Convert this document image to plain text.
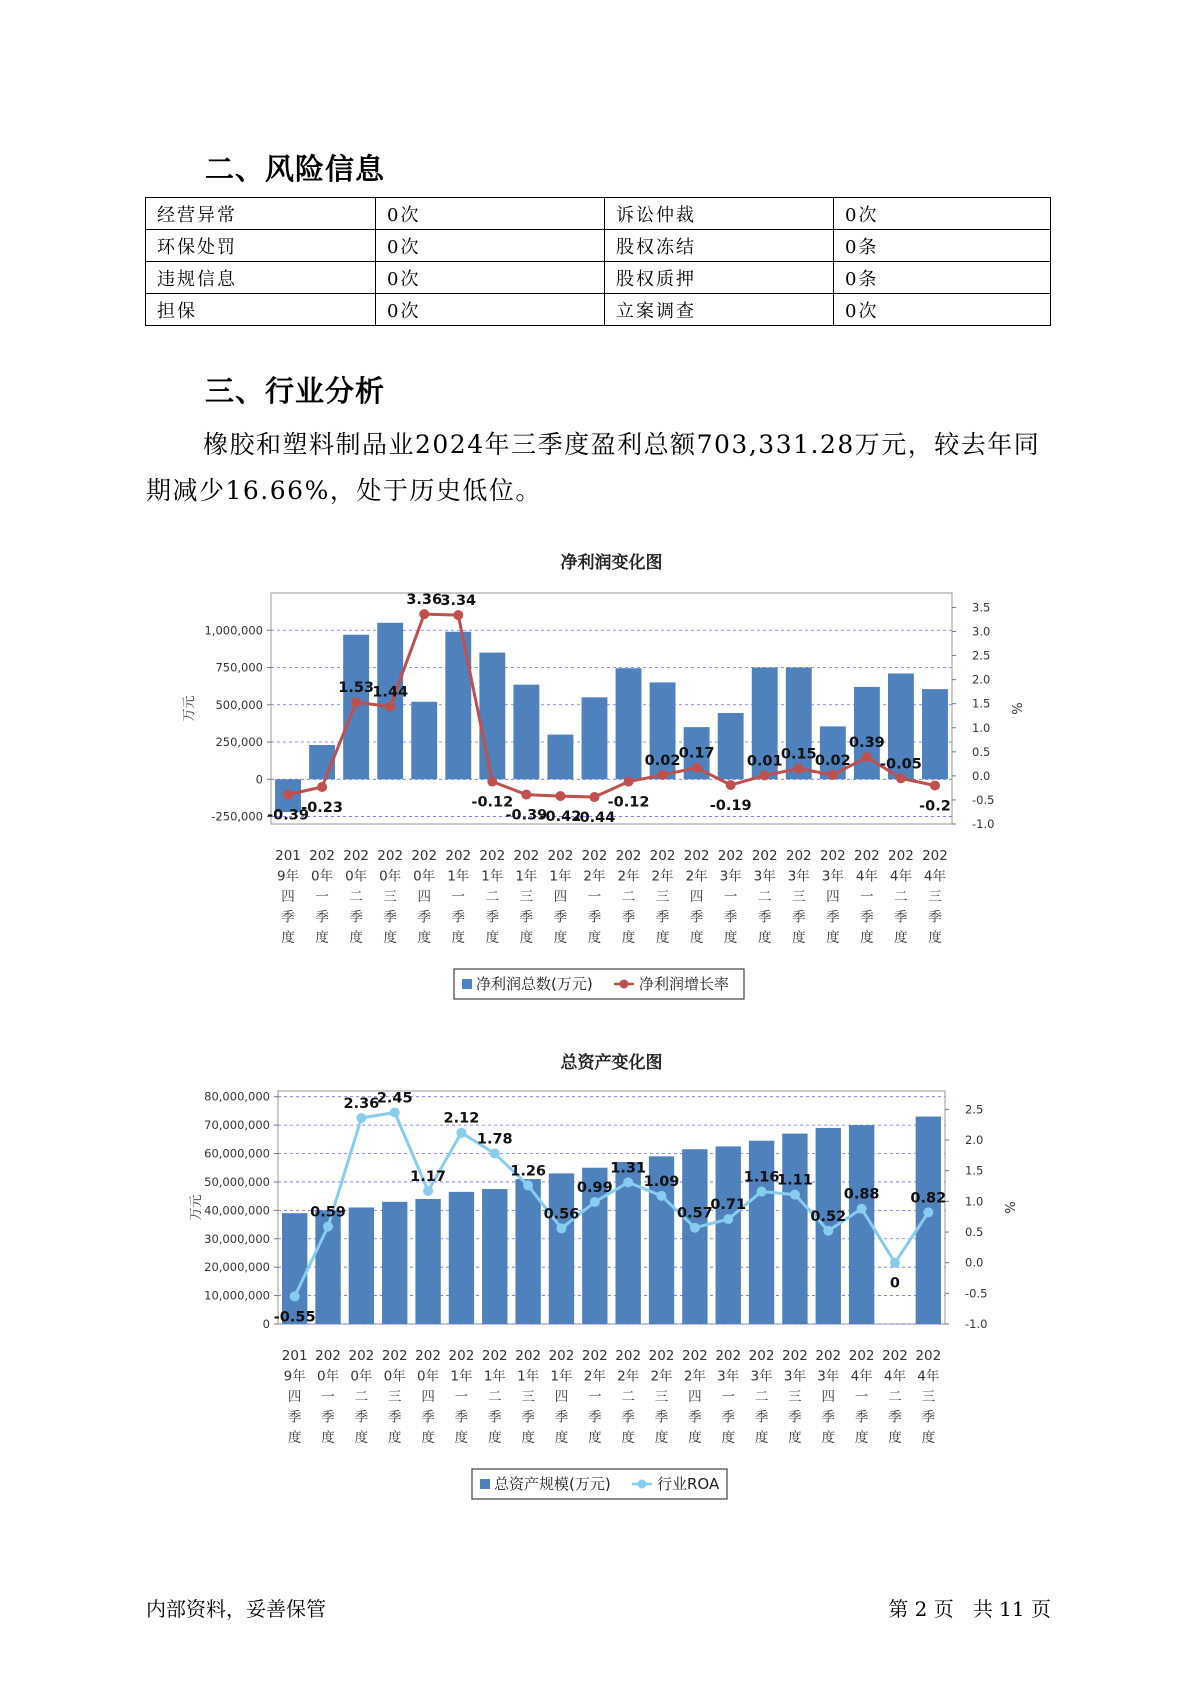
二、风险信息
经营异常	0次	诉讼仲裁	0次
环保处罚	0次	股权冻结	0条
违规信息	0次	股权质押	0条
担保	0次	立案调查	0次
三、行业分析
橡胶和塑料制品业2024年三季度盈利总额703,331.28万元，较去年同期减少16.66%，处于历史低位。
净利润变化图
1,000,000
750,000
500,000
250,000
0
-250,000
3.5
3.0
2.5
2.0
1.5
1.0
0.5
0.0
-0.5
-1.0
万元	%
-0.39
-0.23
1.53
1.44
3.36
3.34
-0.12
-0.39
-0.42
-0.44
-0.12
0.02
0.17
-0.19
0.01
0.15
0.02
0.39
-0.05
-0.2
201
9年
四
季
度
202
0年
一
季
度
202
0年
二
季
度
202
0年
三
季
度
202
0年
四
季
度
202
1年
一
季
度
202
1年
二
季
度
202
1年
三
季
度
202
1年
四
季
度
202
2年
一
季
度
202
2年
二
季
度
202
2年
三
季
度
202
2年
四
季
度
202
3年
一
季
度
202
3年
二
季
度
202
3年
三
季
度
202
3年
四
季
度
202
4年
一
季
度
202
4年
二
季
度
202
4年
三
季
度
净利润总数(万元)	净利润增长率
总资产变化图
80,000,000
70,000,000
60,000,000
50,000,000
40,000,000
30,000,000
20,000,000
10,000,000
0
2.5
2.0
1.5
1.0
0.5
0.0
-0.5
-1.0
万元	%
-0.55
0.59
2.36
2.45
1.17
2.12
1.78
1.26
0.56
0.99
1.31
1.09
0.57
0.71
1.16
1.11
0.52
0.88
0
0.82
201
9年
四
季
度
202
0年
一
季
度
202
0年
二
季
度
202
0年
三
季
度
202
0年
四
季
度
202
1年
一
季
度
202
1年
二
季
度
202
1年
三
季
度
202
1年
四
季
度
202
2年
一
季
度
202
2年
二
季
度
202
2年
三
季
度
202
2年
四
季
度
202
3年
一
季
度
202
3年
二
季
度
202
3年
三
季
度
202
3年
四
季
度
202
4年
一
季
度
202
4年
二
季
度
202
4年
三
季
度
总资产规模(万元)	行业ROA
内部资料，妥善保管	第 2 页   共 11 页
